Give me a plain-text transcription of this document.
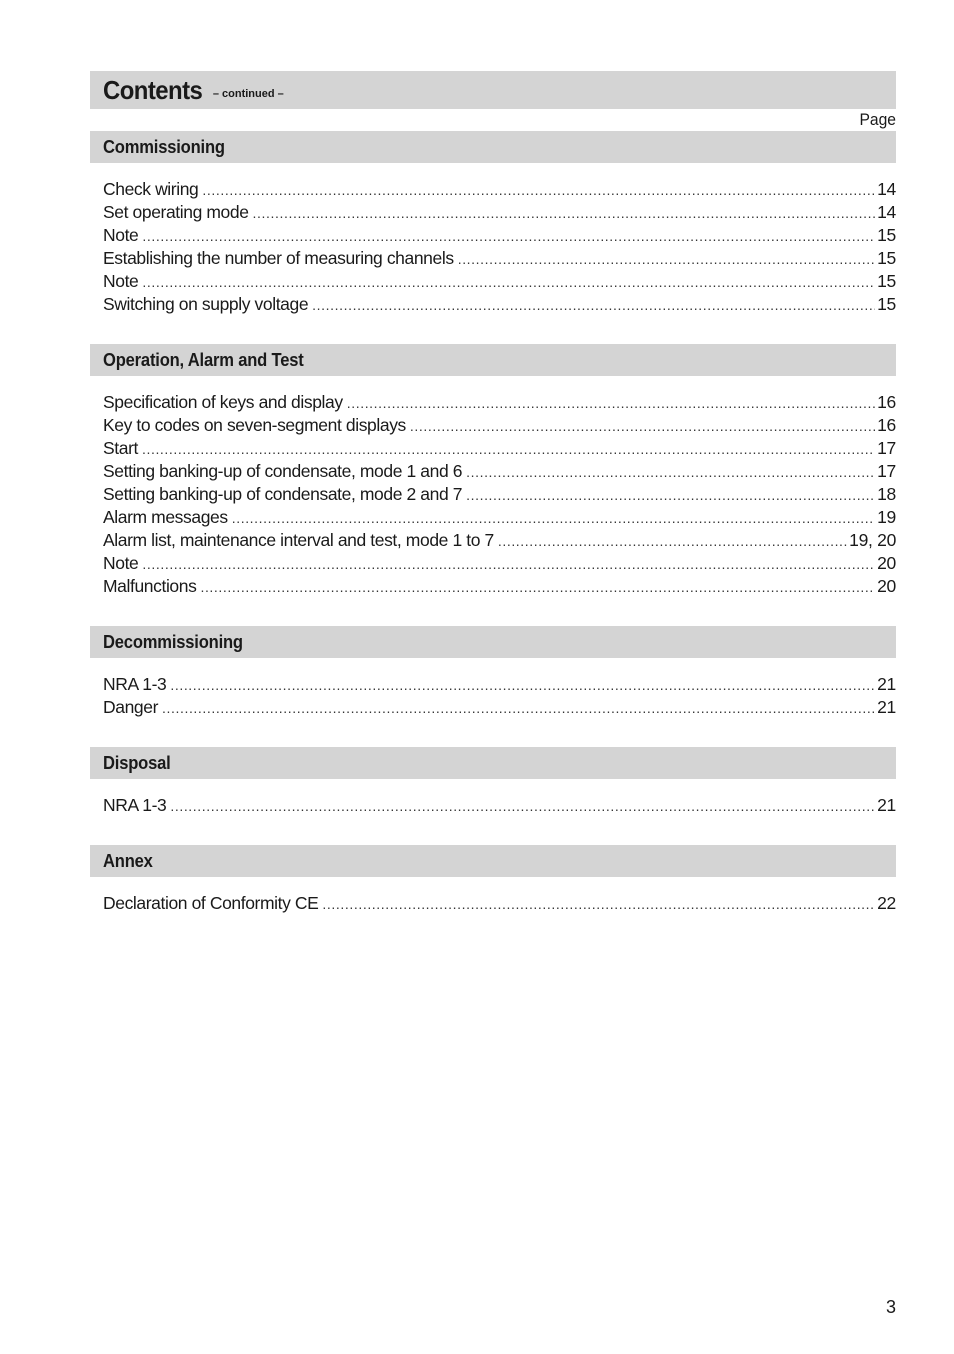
Contents – continued –
Page
Commissioning
Check wiring .....	14
Set operating mode .....	14
Note .....	15
Establishing the number of measuring channels .....	15
Note .....	15
Switching on supply voltage .....	15
Operation, Alarm and Test
Specification of keys and display .....	16
Key to codes on seven-segment displays .....	16
Start .....	17
Setting banking-up of condensate, mode 1 and 6 .....	17
Setting banking-up of condensate, mode 2 and 7 .....	18
Alarm messages .....	19
Alarm list, maintenance interval and test, mode 1 to 7 .....	19, 20
Note .....	20
Malfunctions .....	20
Decommissioning
NRA 1-3 .....	21
Danger .....	21
Disposal
NRA 1-3 .....	21
Annex
Declaration of Conformity CE .....	22
3
